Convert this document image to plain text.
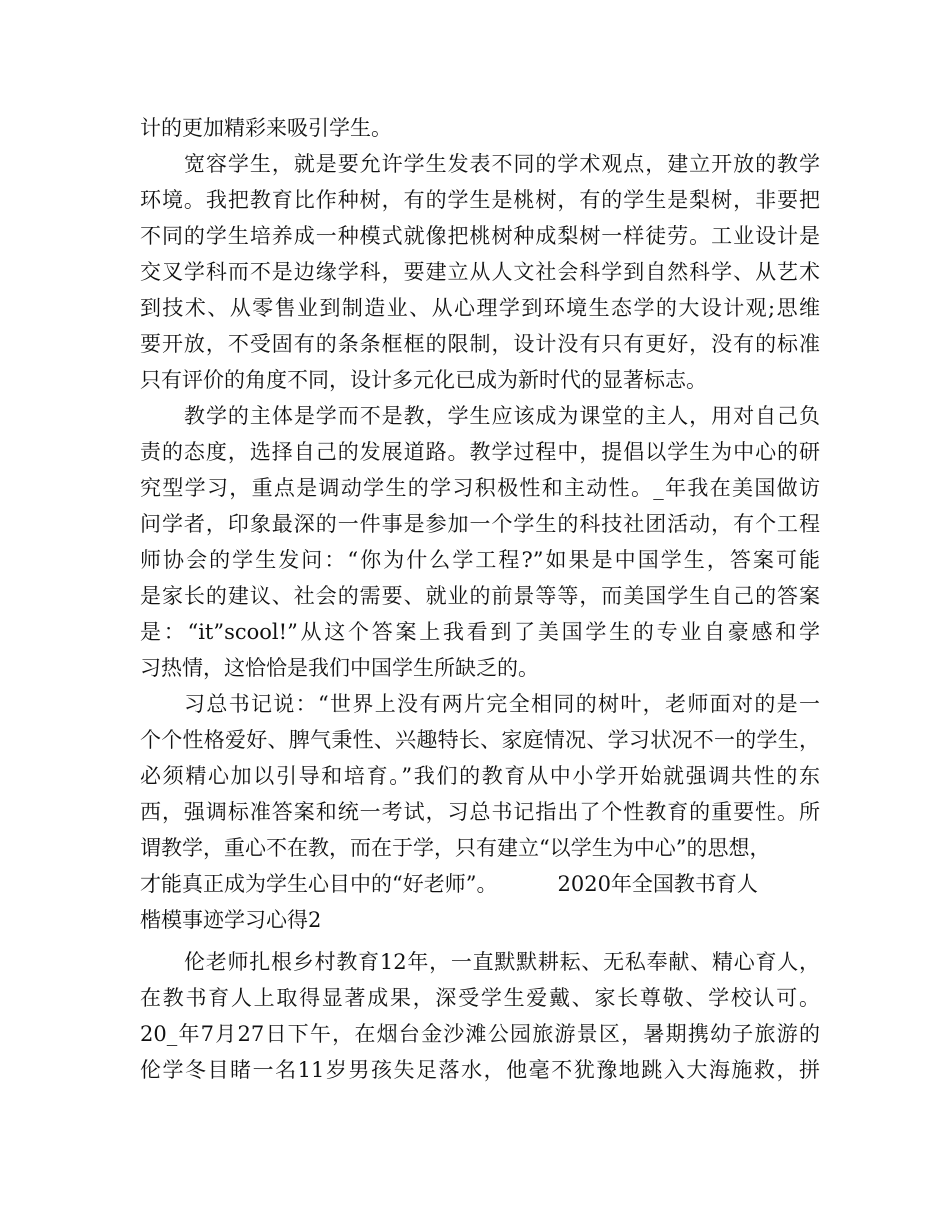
计的更加精彩来吸引学生。
宽容学生，就是要允许学生发表不同的学术观点，建立开放的教学
环境。我把教育比作种树，有的学生是桃树，有的学生是梨树，非要把
不同的学生培养成一种模式就像把桃树种成梨树一样徒劳。工业设计是
交叉学科而不是边缘学科，要建立从人文社会科学到自然科学、从艺术
到技术、从零售业到制造业、从心理学到环境生态学的大设计观;思维
要开放，不受固有的条条框框的限制，设计没有只有更好，没有的标准
只有评价的角度不同，设计多元化已成为新时代的显著标志。
教学的主体是学而不是教，学生应该成为课堂的主人，用对自己负
责的态度，选择自己的发展道路。教学过程中，提倡以学生为中心的研
究型学习，重点是调动学生的学习积极性和主动性。_年我在美国做访
问学者，印象最深的一件事是参加一个学生的科技社团活动，有个工程
师协会的学生发问：“你为什么学工程?”如果是中国学生，答案可能
是家长的建议、社会的需要、就业的前景等等，而美国学生自己的答案
是：“it”scool!”从这个答案上我看到了美国学生的专业自豪感和学
习热情，这恰恰是我们中国学生所缺乏的。
习总书记说：“世界上没有两片完全相同的树叶，老师面对的是一
个个性格爱好、脾气秉性、兴趣特长、家庭情况、学习状况不一的学生，
必须精心加以引导和培育。”我们的教育从中小学开始就强调共性的东
西，强调标准答案和统一考试，习总书记指出了个性教育的重要性。所
谓教学，重心不在教，而在于学，只有建立“以学生为中心”的思想，
才能真正成为学生心目中的“好老师”。	2020年全国教书育人
楷模事迹学习心得2
伦老师扎根乡村教育12年，一直默默耕耘、无私奉献、精心育人，
在教书育人上取得显著成果，深受学生爱戴、家长尊敬、学校认可。
20_年7月27日下午，在烟台金沙滩公园旅游景区，暑期携幼子旅游的
伦学冬目睹一名11岁男孩失足落水，他毫不犹豫地跳入大海施救，拼
